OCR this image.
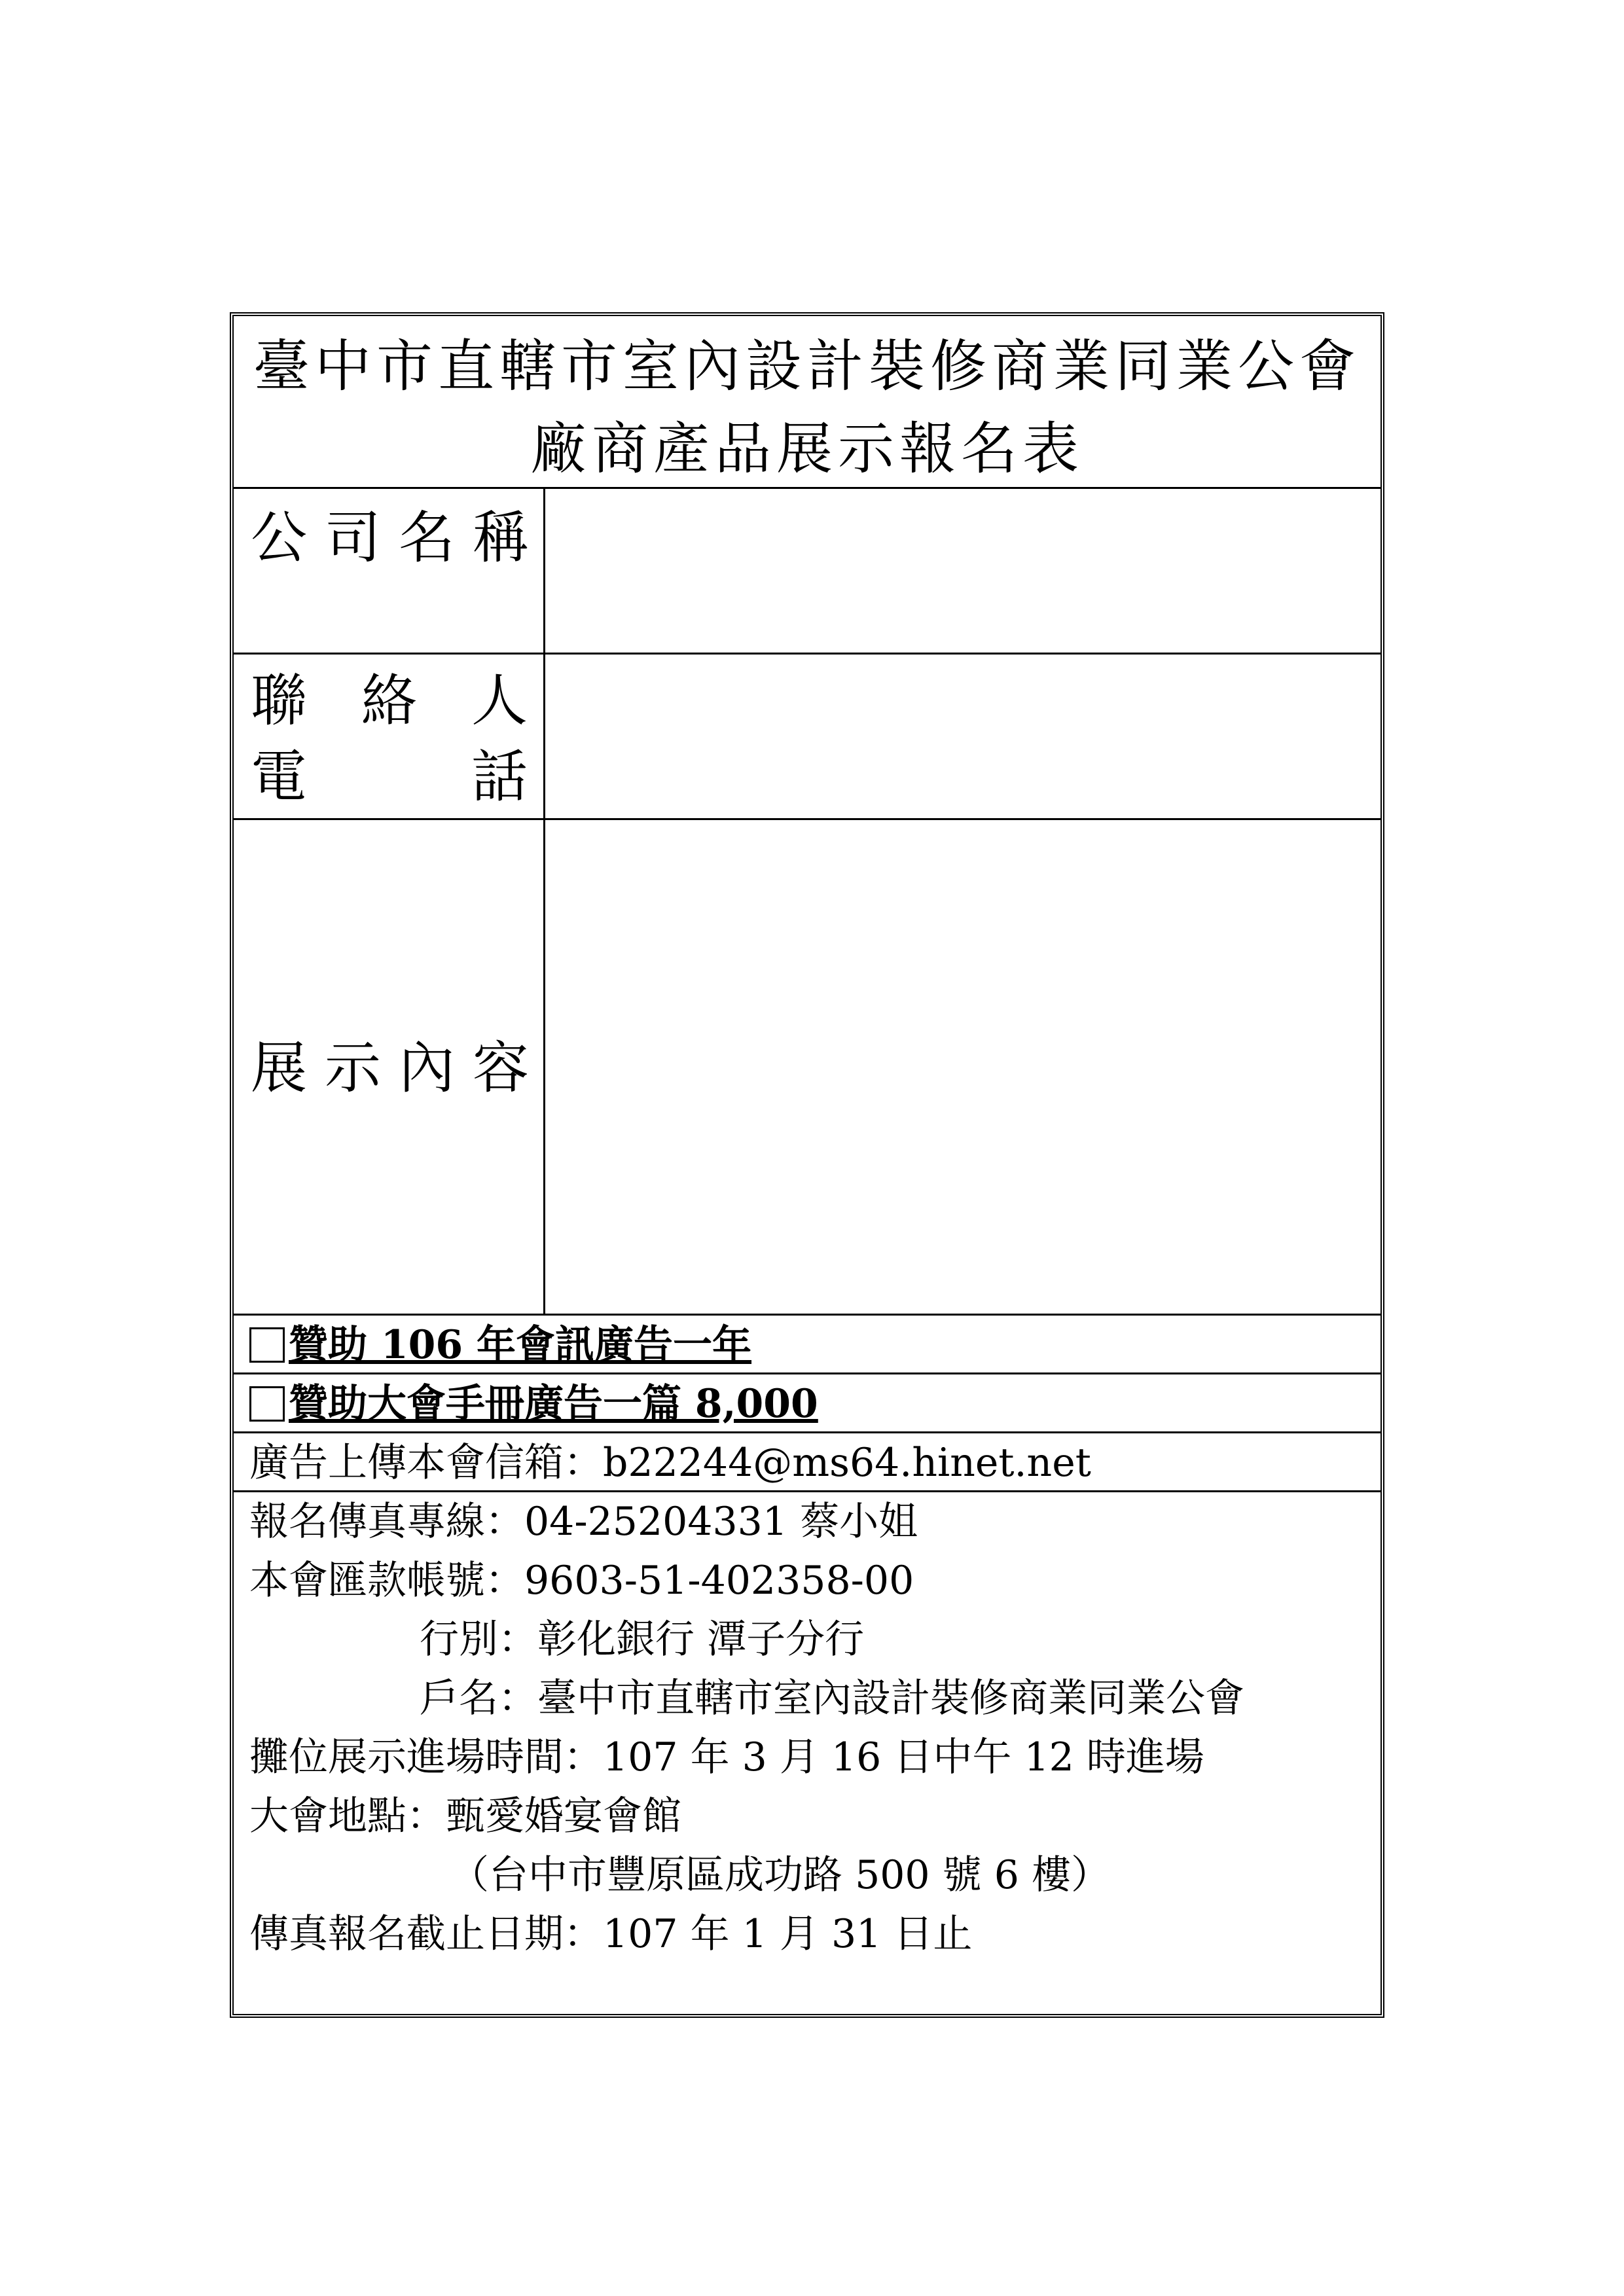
臺中市直轄市室內設計裝修商業同業公會
廠商產品展示報名表
公 司 名 稱
聯 絡 人
電	話
展 示 內 容
贊助 106 年會訊廣告一年
贊助大會手冊廣告一篇 8,000
廣告上傳本會信箱：b22244@ms64.hinet.net
報名傳真專線：04-25204331 蔡小姐
本會匯款帳號：9603-51-402358-00
行別：彰化銀行 潭子分行
戶名：臺中市直轄市室內設計裝修商業同業公會
攤位展示進場時間：107 年 3 月 16 日中午 12 時進場
大會地點：甄愛婚宴會館
（台中市豐原區成功路 500 號 6 樓）
傳真報名截止日期：107 年 1 月 31 日止
